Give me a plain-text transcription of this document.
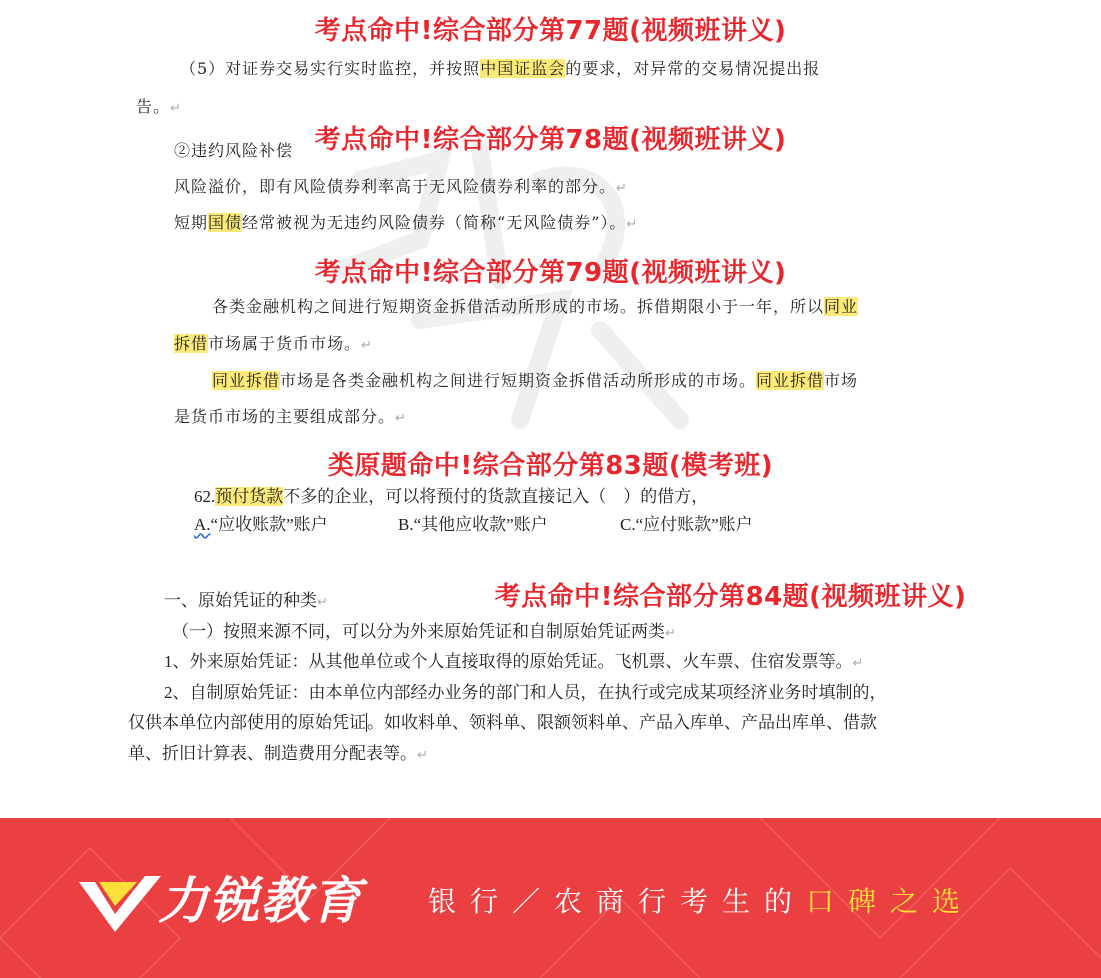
考点命中!综合部分第77题(视频班讲义)
（5）对证券交易实行实时监控，并按照中国证监会的要求，对异常的交易情况提出报
告。↵
②违约风险补偿 考点命中!综合部分第78题(视频班讲义)
风险溢价，即有风险债券利率高于无风险债券利率的部分。↵
短期国债经常被视为无违约风险债券（简称“无风险债券”）。↵
考点命中!综合部分第79题(视频班讲义)
各类金融机构之间进行短期资金拆借活动所形成的市场。拆借期限小于一年，所以同业
拆借市场属于货币市场。↵
同业拆借市场是各类金融机构之间进行短期资金拆借活动所形成的市场。同业拆借市场
是货币市场的主要组成部分。↵
类原题命中!综合部分第83题(模考班)
62.预付货款不多的企业，可以将预付的货款直接记入（　）的借方，
A.“应收账款”账户	B.“其他应收款”账户	C.“应付账款”账户
一、原始凭证的种类↵	考点命中!综合部分第84题(视频班讲义)
（一）按照来源不同，可以分为外来原始凭证和自制原始凭证两类↵
1、外来原始凭证：从其他单位或个人直接取得的原始凭证。飞机票、火车票、住宿发票等。↵
2、自制原始凭证：由本单位内部经办业务的部门和人员，在执行或完成某项经济业务时填制的，
仅供本单位内部使用的原始凭证。如收料单、领料单、限额领料单、产品入库单、产品出库单、借款
单、折旧计算表、制造费用分配表等。↵
力锐教育 银行／农商行考生的口碑之选
